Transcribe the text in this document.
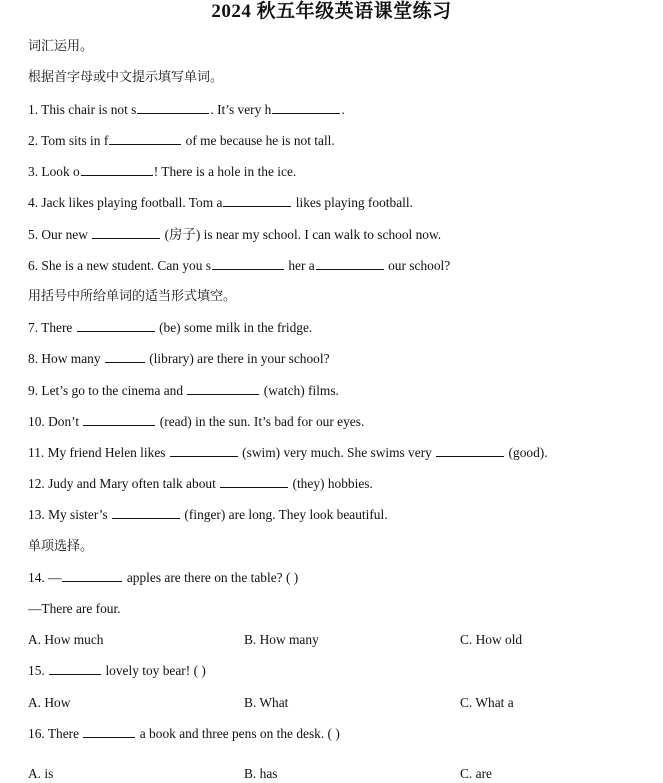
2024 秋五年级英语课堂练习
词汇运用。
根据首字母或中文提示填写单词。
1. This chair is not s	. It’s very h	.
2. Tom sits in f	of me because he is not tall.
3. Look o	! There is a hole in the ice.
4. Jack likes playing football. Tom a	likes playing football.
5. Our new	(房子) is near my school. I can walk to school now.
6. She is a new student. Can you s	her a	our school?
用括号中所给单词的适当形式填空。
7. There	(be) some milk in the fridge.
8. How many	(library) are there in your school?
9. Let’s go to the cinema and	(watch) films.
10. Don’t	(read) in the sun. It’s bad for our eyes.
11. My friend Helen likes	(swim) very much. She swims very	(good).
12. Judy and Mary often talk about	(they) hobbies.
13. My sister’s	(finger) are long. They look beautiful.
单项选择。
14. —	apples are there on the table? ( )
—There are four.
A. How much	B. How many	C. How old
15.	lovely toy bear! ( )
A. How	B. What	C. What a
16. There	a book and three pens on the desk. ( )
A. is	B. has	C. are
